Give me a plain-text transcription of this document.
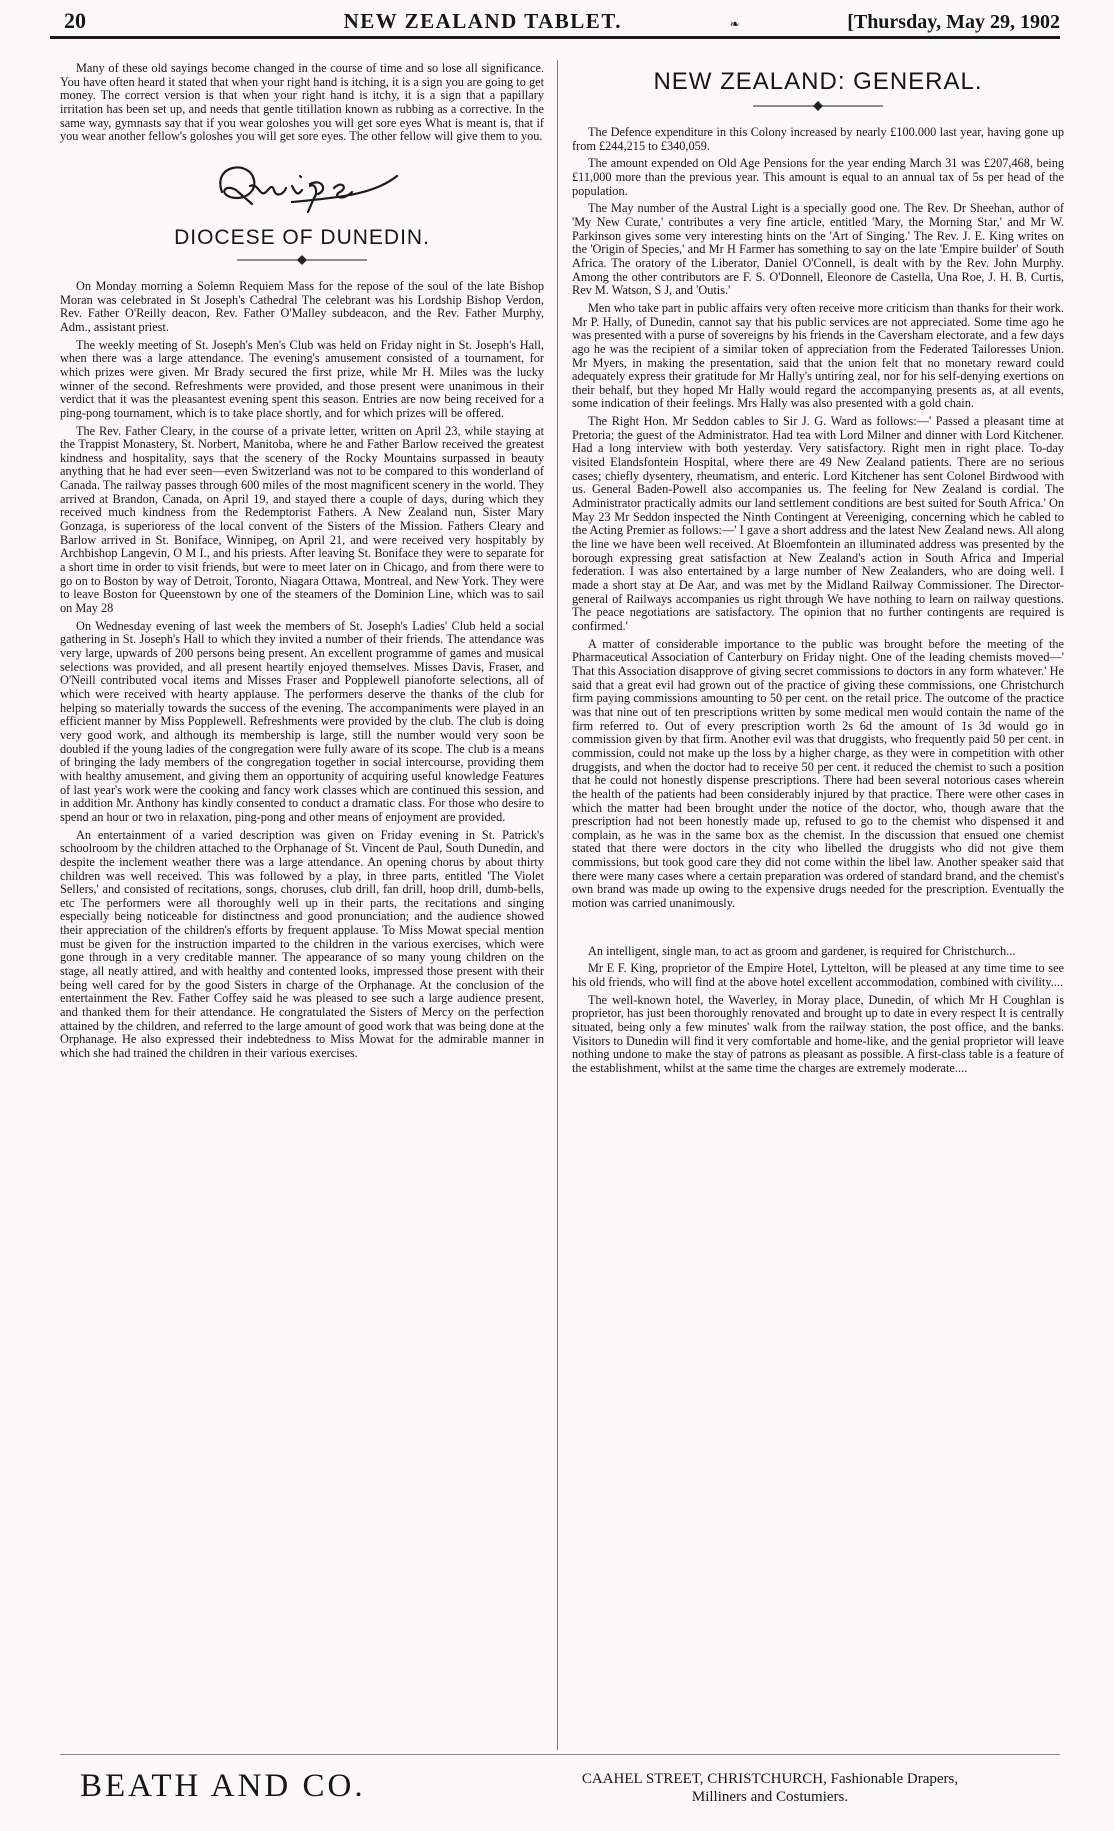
20	NEW ZEALAND TABLET.	❧	[Thursday, May 29, 1902

Many of these old sayings become changed in the course of time and so lose all significance. You have often heard it stated that when your right hand is itching, it is a sign you are going to get money. The correct version is that when your right hand is itchy, it is a sign that a papillary irritation has been set up, and needs that gentle titillation known as rubbing as a corrective. In the same way, gymnasts say that if you wear goloshes you will get sore eyes What is meant is, that if you wear another fellow's goloshes you will get sore eyes. The other fellow will give them to you.

DIOCESE OF DUNEDIN.

On Monday morning a Solemn Requiem Mass for the repose of the soul of the late Bishop Moran was celebrated in St Joseph's Cathedral The celebrant was his Lordship Bishop Verdon, Rev. Father O'Reilly deacon, Rev. Father O'Malley subdeacon, and the Rev. Father Murphy, Adm., assistant priest.

The weekly meeting of St. Joseph's Men's Club was held on Friday night in St. Joseph's Hall, when there was a large attendance. The evening's amusement consisted of a tournament, for which prizes were given. Mr Brady secured the first prize, while Mr H. Miles was the lucky winner of the second. Refreshments were provided, and those present were unanimous in their verdict that it was the pleasantest evening spent this season. Entries are now being received for a ping-pong tournament, which is to take place shortly, and for which prizes will be offered.

The Rev. Father Cleary, in the course of a private letter, written on April 23, while staying at the Trappist Monastery, St. Norbert, Manitoba, where he and Father Barlow received the greatest kindness and hospitality, says that the scenery of the Rocky Mountains surpassed in beauty anything that he had ever seen—even Switzerland was not to be compared to this wonderland of Canada. The railway passes through 600 miles of the most magnificent scenery in the world. They arrived at Brandon, Canada, on April 19, and stayed there a couple of days, during which they received much kindness from the Redemptorist Fathers. A New Zealand nun, Sister Mary Gonzaga, is superioress of the local convent of the Sisters of the Mission. Fathers Cleary and Barlow arrived in St. Boniface, Winnipeg, on April 21, and were received very hospitably by Archbishop Langevin, O M I., and his priests. After leaving St. Boniface they were to separate for a short time in order to visit friends, but were to meet later on in Chicago, and from there were to go on to Boston by way of Detroit, Toronto, Niagara Ottawa, Montreal, and New York. They were to leave Boston for Queenstown by one of the steamers of the Dominion Line, which was to sail on May 28

On Wednesday evening of last week the members of St. Joseph's Ladies' Club held a social gathering in St. Joseph's Hall to which they invited a number of their friends. The attendance was very large, upwards of 200 persons being present. An excellent programme of games and musical selections was provided, and all present heartily enjoyed themselves. Misses Davis, Fraser, and O'Neill contributed vocal items and Misses Fraser and Popplewell pianoforte selections, all of which were received with hearty applause. The performers deserve the thanks of the club for helping so materially towards the success of the evening. The accompaniments were played in an efficient manner by Miss Popplewell. Refreshments were provided by the club. The club is doing very good work, and although its membership is large, still the number would very soon be doubled if the young ladies of the congregation were fully aware of its scope. The club is a means of bringing the lady members of the congregation together in social intercourse, providing them with healthy amusement, and giving them an opportunity of acquiring useful knowledge Features of last year's work were the cooking and fancy work classes which are continued this session, and in addition Mr. Anthony has kindly consented to conduct a dramatic class. For those who desire to spend an hour or two in relaxation, ping-pong and other means of enjoyment are provided.

An entertainment of a varied description was given on Friday evening in St. Patrick's schoolroom by the children attached to the Orphanage of St. Vincent de Paul, South Dunedin, and despite the inclement weather there was a large attendance. An opening chorus by about thirty children was well received. This was followed by a play, in three parts, entitled 'The Violet Sellers,' and consisted of recitations, songs, choruses, club drill, fan drill, hoop drill, dumb-bells, etc The performers were all thoroughly well up in their parts, the recitations and singing especially being noticeable for distinctness and good pronunciation; and the audience showed their appreciation of the children's efforts by frequent applause. To Miss Mowat special mention must be given for the instruction imparted to the children in the various exercises, which were gone through in a very creditable manner. The appearance of so many young children on the stage, all neatly attired, and with healthy and contented looks, impressed those present with their being well cared for by the good Sisters in charge of the Orphanage. At the conclusion of the entertainment the Rev. Father Coffey said he was pleased to see such a large audience present, and thanked them for their attendance. He congratulated the Sisters of Mercy on the perfection attained by the children, and referred to the large amount of good work that was being done at the Orphanage. He also expressed their indebtedness to Miss Mowat for the admirable manner in which she had trained the children in their various exercises.

NEW ZEALAND: GENERAL.

The Defence expenditure in this Colony increased by nearly £100.000 last year, having gone up from £244,215 to £340,059.

The amount expended on Old Age Pensions for the year ending March 31 was £207,468, being £11,000 more than the previous year. This amount is equal to an annual tax of 5s per head of the population.

The May number of the Austral Light is a specially good one. The Rev. Dr Sheehan, author of 'My New Curate,' contributes a very fine article, entitled 'Mary, the Morning Star,' and Mr W. Parkinson gives some very interesting hints on the 'Art of Singing.' The Rev. J. E. King writes on the 'Origin of Species,' and Mr H Farmer has something to say on the late 'Empire builder' of South Africa. The oratory of the Liberator, Daniel O'Connell, is dealt with by the Rev. John Murphy. Among the other contributors are F. S. O'Donnell, Eleonore de Castella, Una Roe, J. H. B. Curtis, Rev M. Watson, S J, and 'Outis.'

Men who take part in public affairs very often receive more criticism than thanks for their work. Mr P. Hally, of Dunedin, cannot say that his public services are not appreciated. Some time ago he was presented with a purse of sovereigns by his friends in the Caversham electorate, and a few days ago he was the recipient of a similar token of appreciation from the Federated Tailoresses Union. Mr Myers, in making the presentation, said that the union felt that no monetary reward could adequately express their gratitude for Mr Hally's untiring zeal, nor for his self-denying exertions on their behalf, but they hoped Mr Hally would regard the accompanying presents as, at all events, some indication of their feelings. Mrs Hally was also presented with a gold chain.

The Right Hon. Mr Seddon cables to Sir J. G. Ward as follows:—' Passed a pleasant time at Pretoria; the guest of the Administrator. Had tea with Lord Milner and dinner with Lord Kitchener. Had a long interview with both yesterday. Very satisfactory. Right men in right place. To-day visited Elandsfontein Hospital, where there are 49 New Zealand patients. There are no serious cases; chiefly dysentery, rheumatism, and enteric. Lord Kitchener has sent Colonel Birdwood with us. General Baden-Powell also accompanies us. The feeling for New Zealand is cordial. The Administrator practically admits our land settlement conditions are best suited for South Africa.' On May 23 Mr Seddon inspected the Ninth Contingent at Vereeniging, concerning which he cabled to the Acting Premier as follows:—' I gave a short address and the latest New Zealand news. All along the line we have been well received. At Bloemfontein an illuminated address was presented by the borough expressing great satisfaction at New Zealand's action in South Africa and Imperial federation. I was also entertained by a large number of New Zealanders, who are doing well. I made a short stay at De Aar, and was met by the Midland Railway Commissioner. The Director-general of Railways accompanies us right through We have nothing to learn on railway questions. The peace negotiations are satisfactory. The opinion that no further contingents are required is confirmed.'

A matter of considerable importance to the public was brought before the meeting of the Pharmaceutical Association of Canterbury on Friday night. One of the leading chemists moved—' That this Association disapprove of giving secret commissions to doctors in any form whatever.' He said that a great evil had grown out of the practice of giving these commissions, one Christchurch firm paying commissions amounting to 50 per cent. on the retail price. The outcome of the practice was that nine out of ten prescriptions written by some medical men would contain the name of the firm referred to. Out of every prescription worth 2s 6d the amount of 1s 3d would go in commission given by that firm. Another evil was that druggists, who frequently paid 50 per cent. in commission, could not make up the loss by a higher charge, as they were in competition with other druggists, and when the doctor had to receive 50 per cent. it reduced the chemist to such a position that he could not honestly dispense prescriptions. There had been several notorious cases wherein the health of the patients had been considerably injured by that practice. There were other cases in which the matter had been brought under the notice of the doctor, who, though aware that the prescription had not been honestly made up, refused to go to the chemist who dispensed it and complain, as he was in the same box as the chemist. In the discussion that ensued one chemist stated that there were doctors in the city who libelled the druggists who did not give them commissions, but took good care they did not come within the libel law. Another speaker said that there were many cases where a certain preparation was ordered of standard brand, and the chemist's own brand was made up owing to the expensive drugs needed for the prescription. Eventually the motion was carried unanimously.

An intelligent, single man, to act as groom and gardener, is required for Christchurch...

Mr E F. King, proprietor of the Empire Hotel, Lyttelton, will be pleased at any time time to see his old friends, who will find at the above hotel excellent accommodation, combined with civility....

The well-known hotel, the Waverley, in Moray place, Dunedin, of which Mr H Coughlan is proprietor, has just been thoroughly renovated and brought up to date in every respect It is centrally situated, being only a few minutes' walk from the railway station, the post office, and the banks. Visitors to Dunedin will find it very comfortable and home-like, and the genial proprietor will leave nothing undone to make the stay of patrons as pleasant as possible. A first-class table is a feature of the establishment, whilst at the same time the charges are extremely moderate....

BEATH AND CO.	CAAHEL STREET, CHRISTCHURCH, Fashionable Drapers,
Milliners and Costumiers.
